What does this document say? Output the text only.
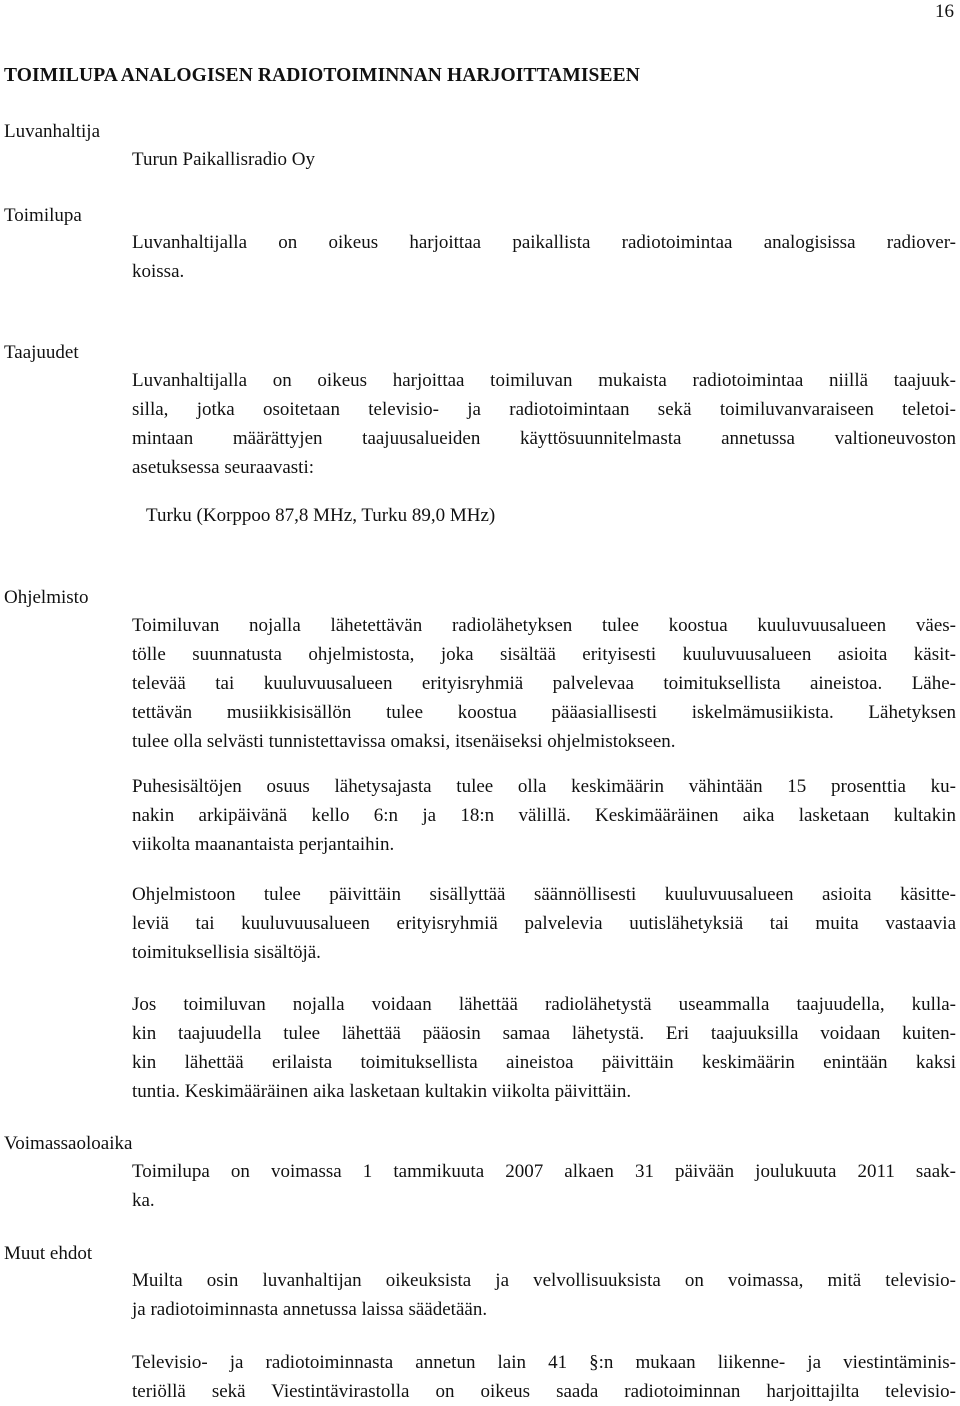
16
TOIMILUPA ANALOGISEN RADIOTOIMINNAN HARJOITTAMISEEN
Luvanhaltija
Turun Paikallisradio Oy
Toimilupa
Luvanhaltijalla on oikeus harjoittaa paikallista radiotoimintaa analogisissa radiover-
koissa.
Taajuudet
Luvanhaltijalla on oikeus harjoittaa toimiluvan mukaista radiotoimintaa niillä taajuuk-
silla, jotka osoitetaan televisio- ja radiotoimintaan sekä toimiluvanvaraiseen teletoi-
mintaan määrättyjen taajuusalueiden käyttösuunnitelmasta annetussa valtioneuvoston
asetuksessa seuraavasti:
Turku (Korppoo 87,8 MHz, Turku 89,0 MHz)
Ohjelmisto
Toimiluvan nojalla lähetettävän radiolähetyksen tulee koostua kuuluvuusalueen väes-
tölle suunnatusta ohjelmistosta, joka sisältää erityisesti kuuluvuusalueen asioita käsit-
televää tai kuuluvuusalueen erityisryhmiä palvelevaa toimituksellista aineistoa. Lähe-
tettävän musiikkisisällön tulee koostua pääasiallisesti iskelmämusiikista. Lähetyksen
tulee olla selvästi tunnistettavissa omaksi, itsenäiseksi ohjelmistokseen.
Puhesisältöjen osuus lähetysajasta tulee olla keskimäärin vähintään 15 prosenttia ku-
nakin arkipäivänä kello 6:n ja 18:n välillä. Keskimääräinen aika lasketaan kultakin
viikolta maanantaista perjantaihin.
Ohjelmistoon tulee päivittäin sisällyttää säännöllisesti kuuluvuusalueen asioita käsitte-
leviä tai kuuluvuusalueen erityisryhmiä palvelevia uutislähetyksiä tai muita vastaavia
toimituksellisia sisältöjä.
Jos toimiluvan nojalla voidaan lähettää radiolähetystä useammalla taajuudella, kulla-
kin taajuudella tulee lähettää pääosin samaa lähetystä. Eri taajuuksilla voidaan kuiten-
kin lähettää erilaista toimituksellista aineistoa päivittäin keskimäärin enintään kaksi
tuntia. Keskimääräinen aika lasketaan kultakin viikolta päivittäin.
Voimassaoloaika
Toimilupa on voimassa 1 tammikuuta 2007 alkaen 31 päivään joulukuuta 2011 saak-
ka.
Muut ehdot
Muilta osin luvanhaltijan oikeuksista ja velvollisuuksista on voimassa, mitä televisio-
ja radiotoiminnasta annetussa laissa säädetään.
Televisio- ja radiotoiminnasta annetun lain 41 §:n mukaan liikenne- ja viestintäminis-
teriöllä sekä Viestintävirastolla on oikeus saada radiotoiminnan harjoittajilta televisio-
